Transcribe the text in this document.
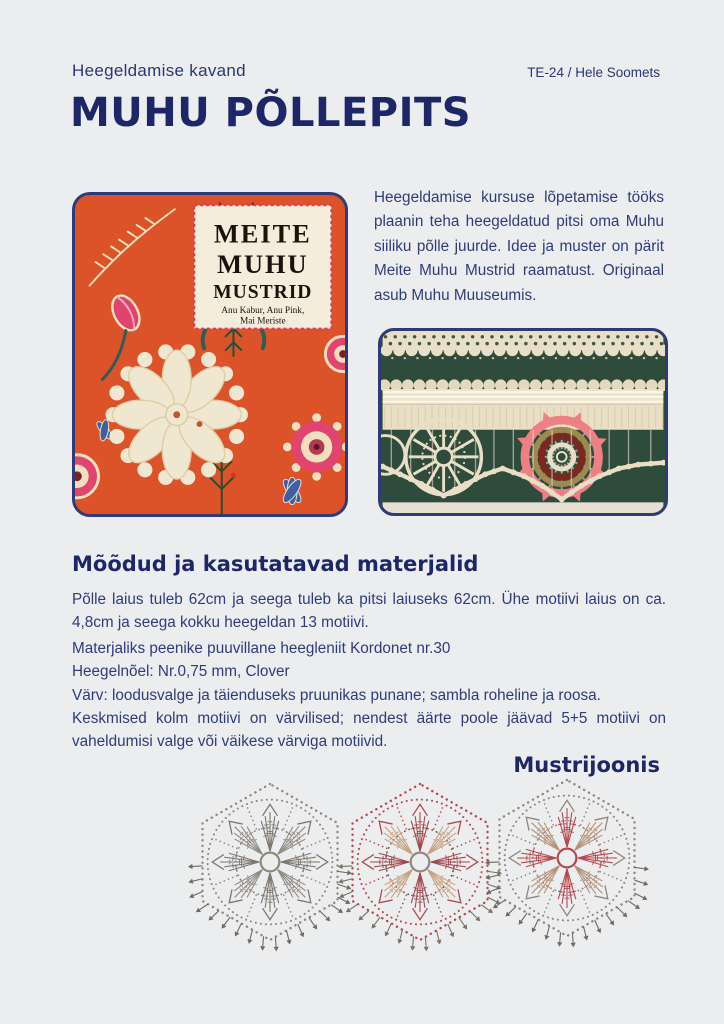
Heegeldamise kavand	TE-24 / Hele Soomets
MUHU PÕLLEPITS
MEITE
MUHU
MUSTRID
Anu Kabur, Anu Pink,
Mai Meriste

Heegeldamise kursuse lõpetamise tööks plaanin teha heegeldatud pitsi oma Muhu siiliku põlle juurde. Idee ja muster on pärit Meite Muhu Mustrid raamatust. Originaal asub Muhu Muuseumis.

Mõõdud ja kasutatavad materjalid

Põlle laius tuleb 62cm ja seega tuleb ka pitsi laiuseks 62cm. Ühe motiivi laius on ca. 4,8cm ja seega kokku heegeldan 13 motiivi.

Materjaliks peenike puuvillane heegleniit Kordonet nr.30

Heegelnõel: Nr.0,75 mm, Clover

Värv: loodusvalge ja täienduseks pruunikas punane; sambla roheline ja roosa.

Keskmised kolm motiivi on värvilised; nendest äärte poole jäävad 5+5 motiivi on vaheldumisi valge või väikese värviga motiivid.

Mustrijoonis
